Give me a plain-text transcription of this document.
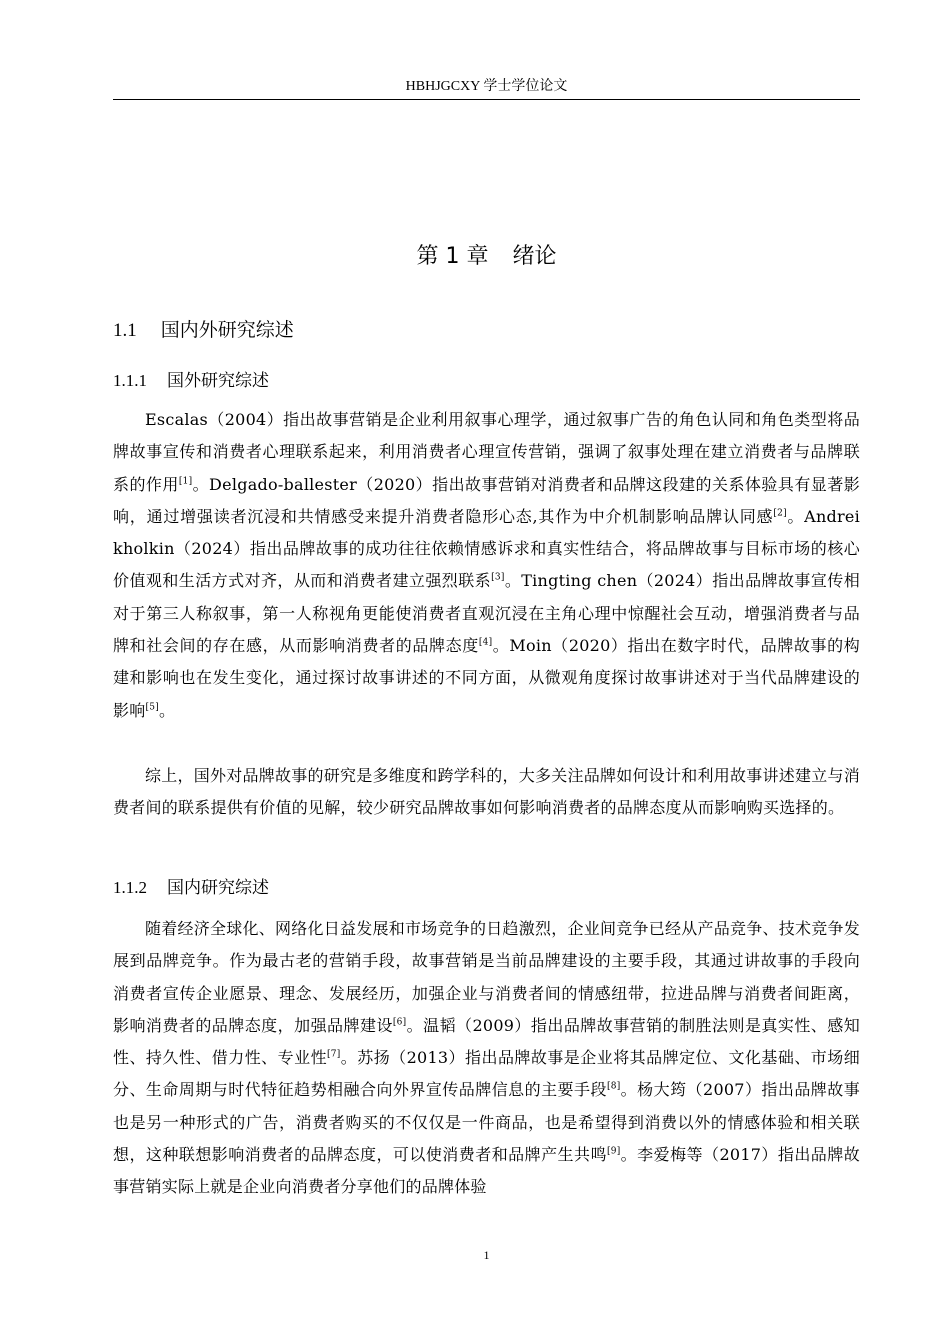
HBHJGCXY 学士学位论文
第 1 章 绪论
1.1 国内外研究综述
1.1.1 国外研究综述

Escalas（2004）指出故事营销是企业利用叙事心理学，通过叙事广告的角色认同和角色类型将品牌故事宣传和消费者心理联系起来，利用消费者心理宣传营销，强调了叙事处理在建立消费者与品牌联系的作用[1]。Delgado-ballester（2020）指出故事营销对消费者和品牌这段建的关系体验具有显著影响，通过增强读者沉浸和共情感受来提升消费者隐形心态,其作为中介机制影响品牌认同感[2]。Andrei kholkin（2024）指出品牌故事的成功往往依赖情感诉求和真实性结合，将品牌故事与目标市场的核心价值观和生活方式对齐，从而和消费者建立强烈联系[3]。Tingting chen（2024）指出品牌故事宣传相对于第三人称叙事，第一人称视角更能使消费者直观沉浸在主角心理中惊醒社会互动，增强消费者与品牌和社会间的存在感，从而影响消费者的品牌态度[4]。Moin（2020）指出在数字时代，品牌故事的构建和影响也在发生变化，通过探讨故事讲述的不同方面，从微观角度探讨故事讲述对于当代品牌建设的影响[5]。

综上，国外对品牌故事的研究是多维度和跨学科的，大多关注品牌如何设计和利用故事讲述建立与消费者间的联系提供有价值的见解，较少研究品牌故事如何影响消费者的品牌态度从而影响购买选择的。

1.1.2 国内研究综述

随着经济全球化、网络化日益发展和市场竞争的日趋激烈，企业间竞争已经从产品竞争、技术竞争发展到品牌竞争。作为最古老的营销手段，故事营销是当前品牌建设的主要手段，其通过讲故事的手段向消费者宣传企业愿景、理念、发展经历，加强企业与消费者间的情感纽带，拉进品牌与消费者间距离，影响消费者的品牌态度，加强品牌建设[6]。温韬（2009）指出品牌故事营销的制胜法则是真实性、感知性、持久性、借力性、专业性[7]。苏扬（2013）指出品牌故事是企业将其品牌定位、文化基础、市场细分、生命周期与时代特征趋势相融合向外界宣传品牌信息的主要手段[8]。杨大筠（2007）指出品牌故事也是另一种形式的广告，消费者购买的不仅仅是一件商品，也是希望得到消费以外的情感体验和相关联想，这种联想影响消费者的品牌态度，可以使消费者和品牌产生共鸣[9]。李爱梅等（2017）指出品牌故事营销实际上就是企业向消费者分享他们的品牌体验

1
